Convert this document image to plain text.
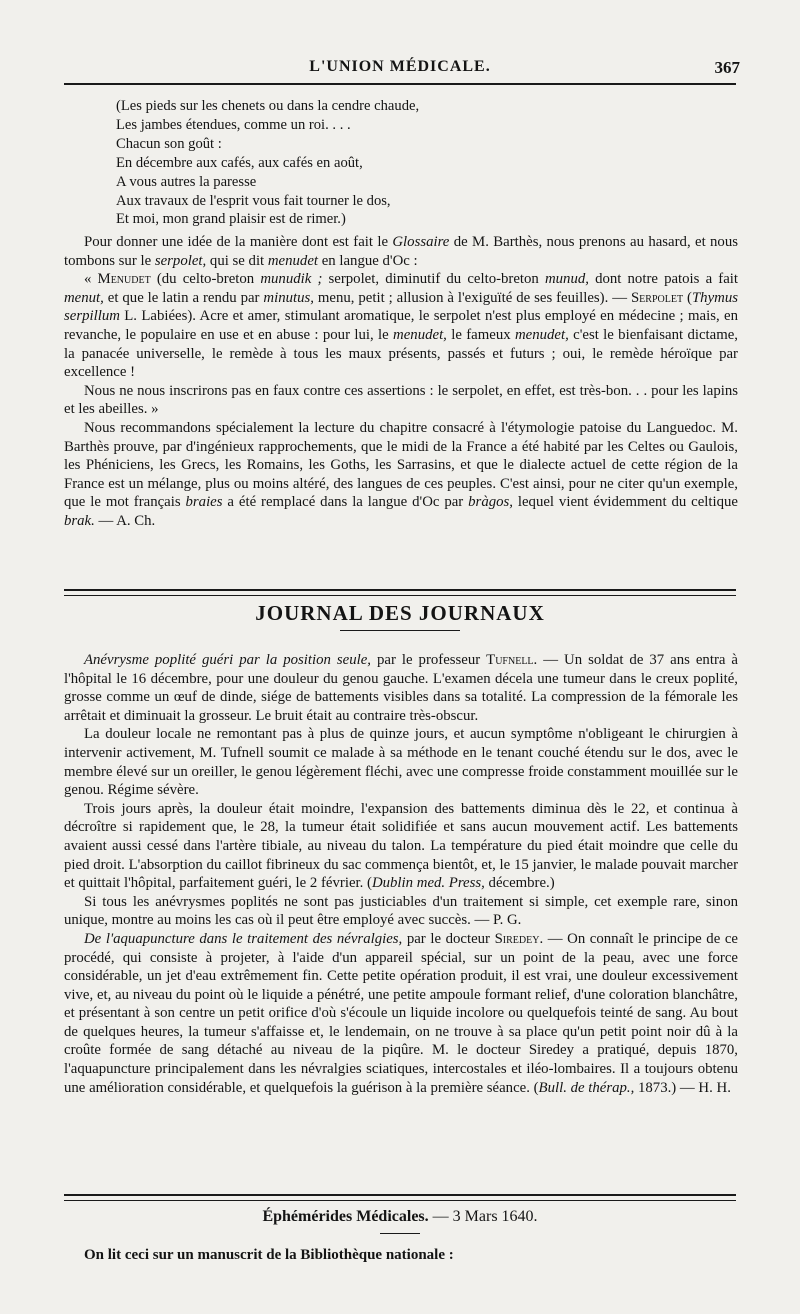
L'UNION MÉDICALE.	367
(Les pieds sur les chenets ou dans la cendre chaude,
Les jambes étendues, comme un roi. . . .
Chacun son goût :
En décembre aux cafés, aux cafés en août,
A vous autres la paresse
Aux travaux de l'esprit vous fait tourner le dos,
Et moi, mon grand plaisir est de rimer.)

Pour donner une idée de la manière dont est fait le Glossaire de M. Barthès, nous prenons au hasard, et nous tombons sur le serpolet, qui se dit menudet en langue d'Oc :

« Menudet (du celto-breton munudik ; serpolet, diminutif du celto-breton munud, dont notre patois a fait menut, et que le latin a rendu par minutus, menu, petit ; allusion à l'exiguïté de ses feuilles). — Serpolet (Thymus serpillum L. Labiées). Acre et amer, stimulant aromatique, le serpolet n'est plus employé en médecine ; mais, en revanche, le populaire en use et en abuse : pour lui, le menudet, le fameux menudet, c'est le bienfaisant dictame, la panacée universelle, le remède à tous les maux présents, passés et futurs ; oui, le remède héroïque par excellence !

Nous ne nous inscrirons pas en faux contre ces assertions : le serpolet, en effet, est très-bon. . . pour les lapins et les abeilles. »

Nous recommandons spécialement la lecture du chapitre consacré à l'étymologie patoise du Languedoc. M. Barthès prouve, par d'ingénieux rapprochements, que le midi de la France a été habité par les Celtes ou Gaulois, les Phéniciens, les Grecs, les Romains, les Goths, les Sarrasins, et que le dialecte actuel de cette région de la France est un mélange, plus ou moins altéré, des langues de ces peuples. C'est ainsi, pour ne citer qu'un exemple, que le mot français braies a été remplacé dans la langue d'Oc par bràgos, lequel vient évidemment du celtique brak. — A. Ch.

JOURNAL DES JOURNAUX

Anévrysme poplité guéri par la position seule, par le professeur Tufnell. — Un soldat de 37 ans entra à l'hôpital le 16 décembre, pour une douleur du genou gauche. L'examen décela une tumeur dans le creux poplité, grosse comme un œuf de dinde, siége de battements visibles dans sa totalité. La compression de la fémorale les arrêtait et diminuait la grosseur. Le bruit était au contraire très-obscur.

La douleur locale ne remontant pas à plus de quinze jours, et aucun symptôme n'obligeant le chirurgien à intervenir activement, M. Tufnell soumit ce malade à sa méthode en le tenant couché étendu sur le dos, avec le membre élevé sur un oreiller, le genou légèrement fléchi, avec une compresse froide constamment mouillée sur le genou. Régime sévère.

Trois jours après, la douleur était moindre, l'expansion des battements diminua dès le 22, et continua à décroître si rapidement que, le 28, la tumeur était solidifiée et sans aucun mouvement actif. Les battements avaient aussi cessé dans l'artère tibiale, au niveau du talon. La température du pied était moindre que celle du pied droit. L'absorption du caillot fibrineux du sac commença bientôt, et, le 15 janvier, le malade pouvait marcher et quittait l'hôpital, parfaitement guéri, le 2 février. (Dublin med. Press, décembre.)

Si tous les anévrysmes poplités ne sont pas justiciables d'un traitement si simple, cet exemple rare, sinon unique, montre au moins les cas où il peut être employé avec succès. — P. G.

De l'aquapuncture dans le traitement des névralgies, par le docteur Siredey. — On connaît le principe de ce procédé, qui consiste à projeter, à l'aide d'un appareil spécial, sur un point de la peau, avec une force considérable, un jet d'eau extrêmement fin. Cette petite opération produit, il est vrai, une douleur excessivement vive, et, au niveau du point où le liquide a pénétré, une petite ampoule formant relief, d'une coloration blanchâtre, et présentant à son centre un petit orifice d'où s'écoule un liquide incolore ou quelquefois teinté de sang. Au bout de quelques heures, la tumeur s'affaisse et, le lendemain, on ne trouve à sa place qu'un petit point noir dû à la croûte formée de sang détaché au niveau de la piqûre. M. le docteur Siredey a pratiqué, depuis 1870, l'aquapuncture principalement dans les névralgies sciatiques, intercostales et iléo-lombaires. Il a toujours obtenu une amélioration considérable, et quelquefois la guérison à la première séance. (Bull. de thérap., 1873.) — H. H.

Éphémérides Médicales. — 3 Mars 1640.
On lit ceci sur un manuscrit de la Bibliothèque nationale :
